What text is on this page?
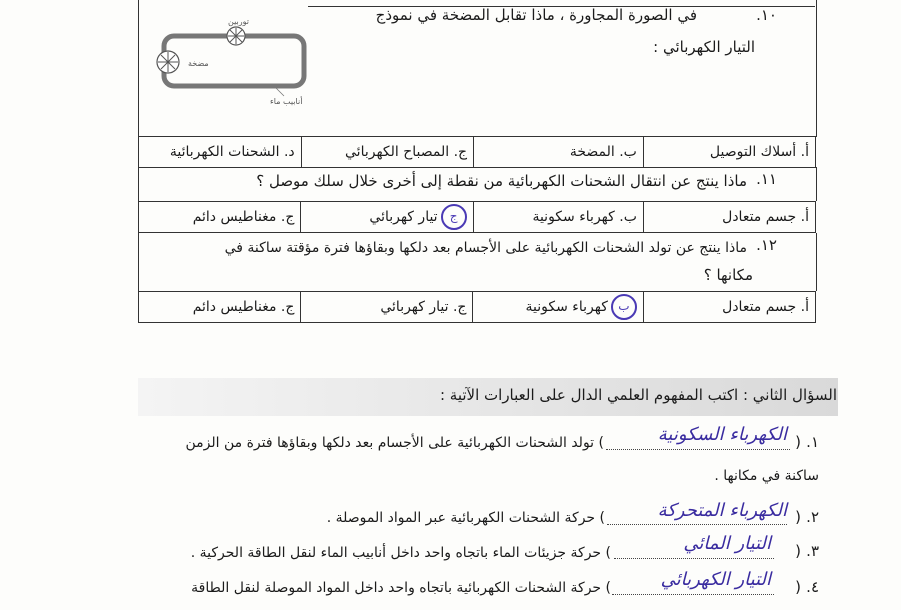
١٠.
في الصورة المجاورة ، ماذا تقابل المضخة في نموذج
التيار الكهربائي :
توربين
مضخة
أنابيب ماء
د. الشحنات الكهربائية	ج. المصباح الكهربائي	ب. المضخة	أ. أسلاك التوصيل
١١.
ماذا ينتج عن انتقال الشحنات الكهربائية من نقطة إلى أخرى خلال سلك موصل ؟
ج. مغناطيس دائم	جتيار كهربائي	ب. كهرباء سكونية	أ. جسم متعادل
١٢.
ماذا ينتج عن تولد الشحنات الكهربائية على الأجسام بعد دلكها وبقاؤها فترة مؤقتة ساكنة في
مكانها ؟
ج. مغناطيس دائم	ج. تيار كهربائي	بكهرباء سكونية	أ. جسم متعادل
السؤال الثاني : اكتب المفهوم العلمي الدال على العبارات الآتية :
١.
(
الكهرباء السكونية
) تولد الشحنات الكهربائية على الأجسام بعد دلكها وبقاؤها فترة من الزمن
ساكنة في مكانها .
٢.
(
الكهرباء المتحركة
) حركة الشحنات الكهربائية عبر المواد الموصلة .
٣.
(
التيار المائي
) حركة جزيئات الماء باتجاه واحد داخل أنابيب الماء لنقل الطاقة الحركية .
٤.
(
التيار الكهربائي
) حركة الشحنات الكهربائية باتجاه واحد داخل المواد الموصلة لنقل الطاقة
